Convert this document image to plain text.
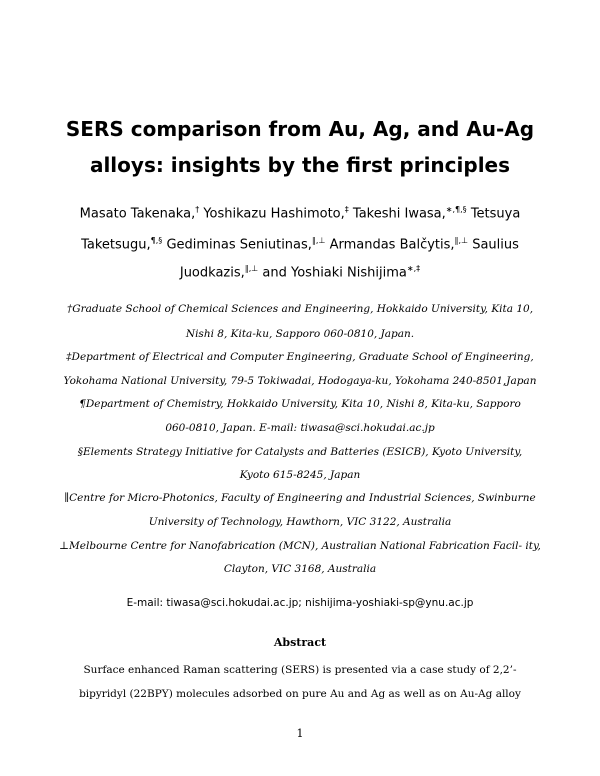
SERS comparison from Au, Ag, and Au-Ag
alloys: insights by the first principles
Masato Takenaka,† Yoshikazu Hashimoto,‡ Takeshi Iwasa,∗,¶,§ Tetsuya
Taketsugu,¶,§ Gediminas Seniutinas,∥,⊥ Armandas Balčytis,∥,⊥ Saulius
Juodkazis,∥,⊥ and Yoshiaki Nishijima∗,‡
†Graduate School of Chemical Sciences and Engineering, Hokkaido University, Kita 10,
Nishi 8, Kita-ku, Sapporo 060-0810, Japan.
‡Department of Electrical and Computer Engineering, Graduate School of Engineering,
Yokohama National University, 79-5 Tokiwadai, Hodogaya-ku, Yokohama 240-8501,Japan
¶Department of Chemistry, Hokkaido University, Kita 10, Nishi 8, Kita-ku, Sapporo
060-0810, Japan. E-mail: tiwasa@sci.hokudai.ac.jp
§Elements Strategy Initiative for Catalysts and Batteries (ESICB), Kyoto University,
Kyoto 615-8245, Japan
∥Centre for Micro-Photonics, Faculty of Engineering and Industrial Sciences, Swinburne
University of Technology, Hawthorn, VIC 3122, Australia
⊥Melbourne Centre for Nanofabrication (MCN), Australian National Fabrication Facil- ity,
Clayton, VIC 3168, Australia
E-mail: tiwasa@sci.hokudai.ac.jp; nishijima-yoshiaki-sp@ynu.ac.jp
Abstract
Surface enhanced Raman scattering (SERS) is presented via a case study of 2,2’-
bipyridyl (22BPY) molecules adsorbed on pure Au and Ag as well as on Au-Ag alloy
1
